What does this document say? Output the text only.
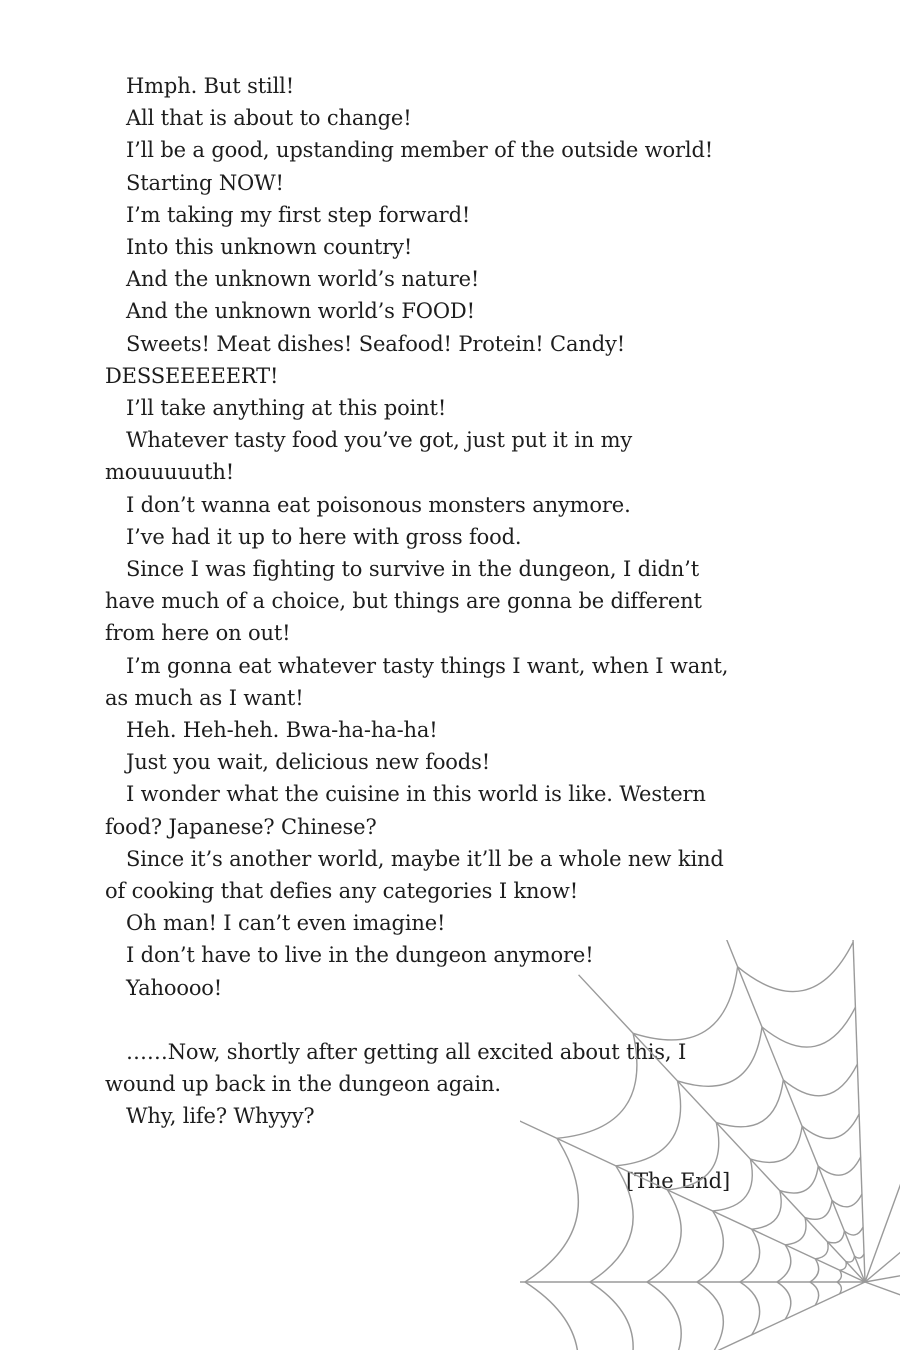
Hmph. But still!

All that is about to change!

I’ll be a good, upstanding member of the outside world!

Starting NOW!

I’m taking my first step forward!

Into this unknown country!

And the unknown world’s nature!

And the unknown world’s FOOD!

Sweets! Meat dishes! Seafood! Protein! Candy! DESSEEEEERT!

I’ll take anything at this point!

Whatever tasty food you’ve got, just put it in my mouuuuuth!

I don’t wanna eat poisonous monsters anymore.

I’ve had it up to here with gross food.

Since I was fighting to survive in the dungeon, I didn’t have much of a choice, but things are gonna be different from here on out!

I’m gonna eat whatever tasty things I want, when I want, as much as I want!

Heh. Heh-heh. Bwa-ha-ha-ha!

Just you wait, delicious new foods!

I wonder what the cuisine in this world is like. Western food? Japanese? Chinese?

Since it’s another world, maybe it’ll be a whole new kind of cooking that defies any categories I know!

Oh man! I can’t even imagine!

I don’t have to live in the dungeon anymore!

Yahoooo!

……Now, shortly after getting all excited about this, I wound up back in the dungeon again.

Why, life? Whyyy?

[The End]
